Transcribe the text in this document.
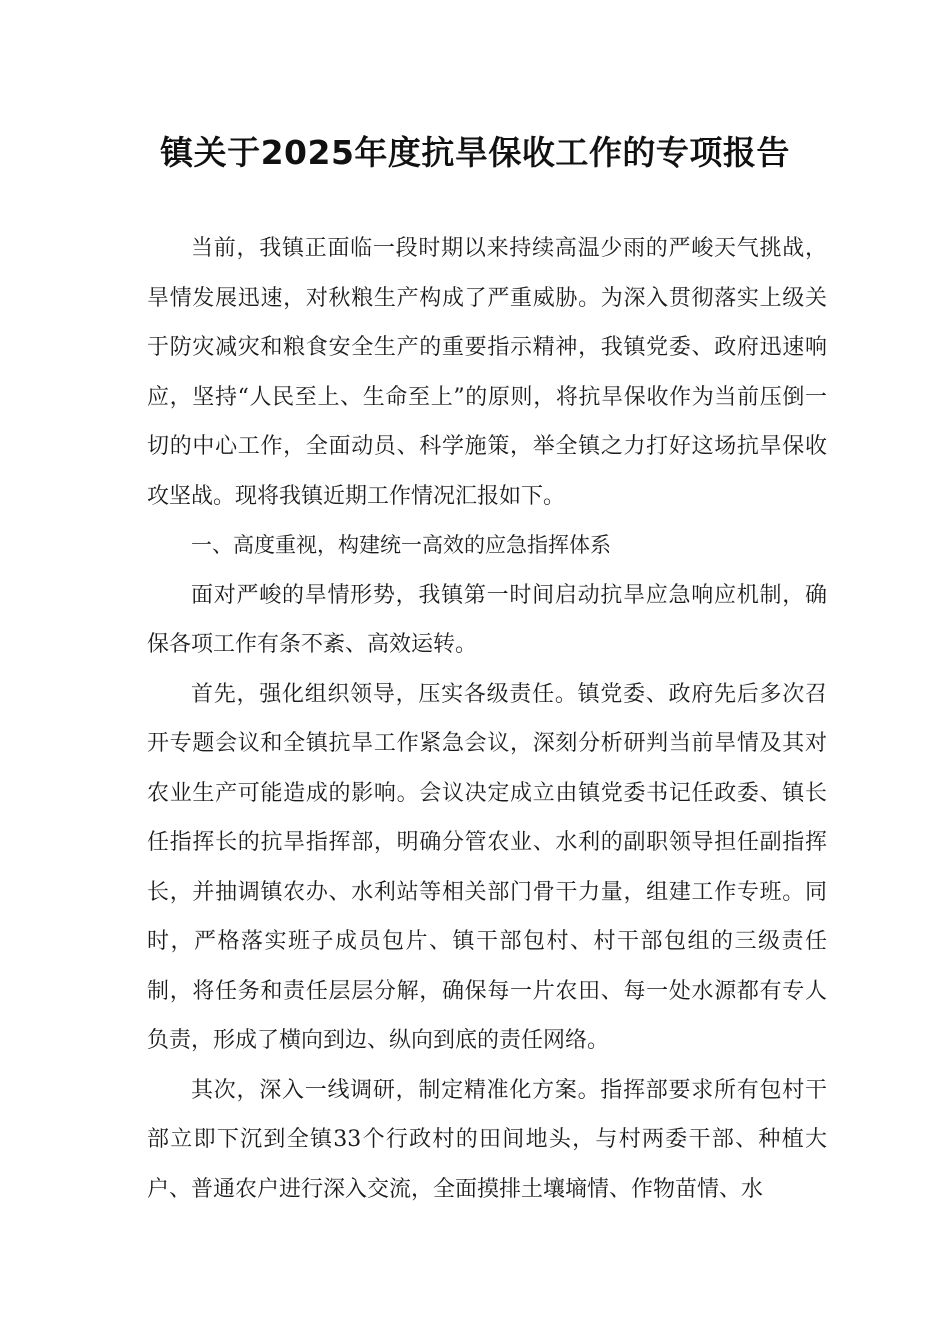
镇关于2025年度抗旱保收工作的专项报告

当前，我镇正面临一段时期以来持续高温少雨的严峻天气挑战，旱情发展迅速，对秋粮生产构成了严重威胁。为深入贯彻落实上级关于防灾减灾和粮食安全生产的重要指示精神，我镇党委、政府迅速响应，坚持“人民至上、生命至上”的原则，将抗旱保收作为当前压倒一切的中心工作，全面动员、科学施策，举全镇之力打好这场抗旱保收攻坚战。现将我镇近期工作情况汇报如下。

一、高度重视，构建统一高效的应急指挥体系

面对严峻的旱情形势，我镇第一时间启动抗旱应急响应机制，确保各项工作有条不紊、高效运转。

首先，强化组织领导，压实各级责任。镇党委、政府先后多次召开专题会议和全镇抗旱工作紧急会议，深刻分析研判当前旱情及其对农业生产可能造成的影响。会议决定成立由镇党委书记任政委、镇长任指挥长的抗旱指挥部，明确分管农业、水利的副职领导担任副指挥长，并抽调镇农办、水利站等相关部门骨干力量，组建工作专班。同时，严格落实班子成员包片、镇干部包村、村干部包组的三级责任制，将任务和责任层层分解，确保每一片农田、每一处水源都有专人负责，形成了横向到边、纵向到底的责任网络。

其次，深入一线调研，制定精准化方案。指挥部要求所有包村干部立即下沉到全镇33个行政村的田间地头，与村两委干部、种植大户、普通农户进行深入交流，全面摸排土壤墒情、作物苗情、水
